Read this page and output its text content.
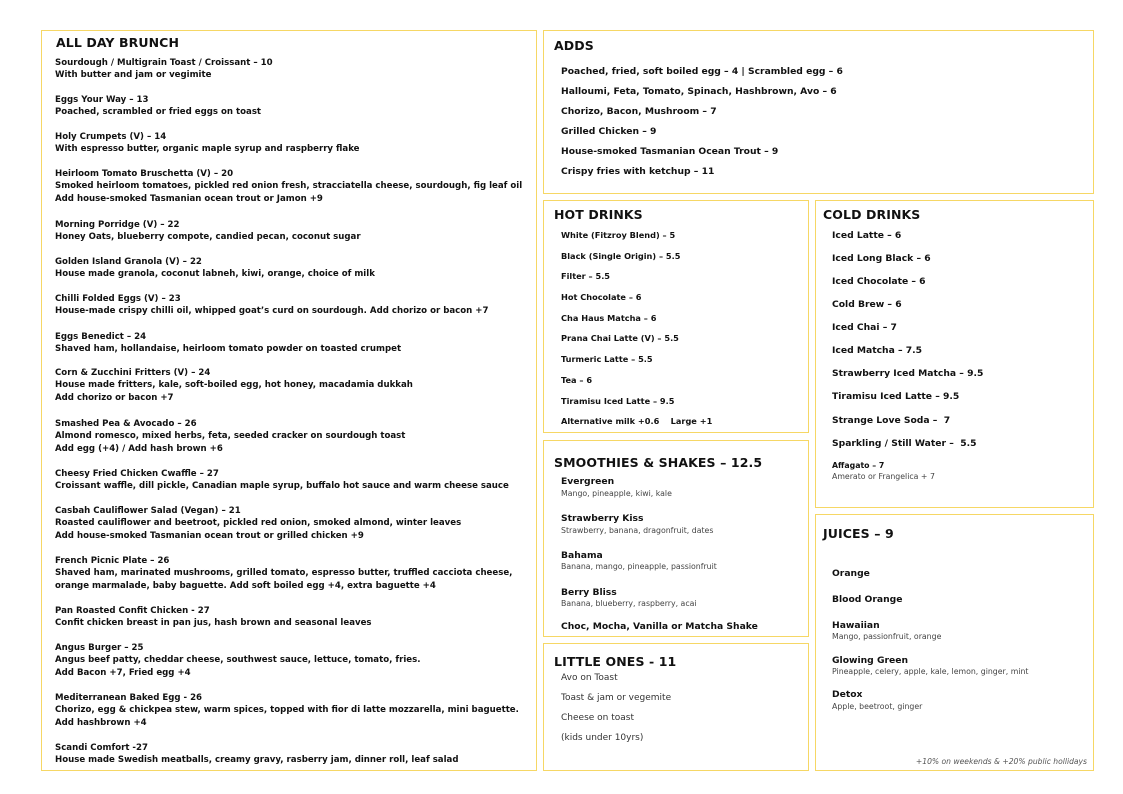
ALL DAY BRUNCH
Sourdough / Multigrain Toast / Croissant – 10
With butter and jam or vegimite
Eggs Your Way – 13
Poached, scrambled or fried eggs on toast
Holy Crumpets (V) – 14
With espresso butter, organic maple syrup and raspberry flake
Heirloom Tomato Bruschetta (V) – 20
Smoked heirloom tomatoes, pickled red onion fresh, stracciatella cheese, sourdough, fig leaf oil
Add house-smoked Tasmanian ocean trout or Jamon +9
Morning Porridge (V) – 22
Honey Oats, blueberry compote, candied pecan, coconut sugar
Golden Island Granola (V) – 22
House made granola, coconut labneh, kiwi, orange, choice of milk
Chilli Folded Eggs (V) – 23
House-made crispy chilli oil, whipped goat’s curd on sourdough. Add chorizo or bacon +7
Eggs Benedict – 24
Shaved ham, hollandaise, heirloom tomato powder on toasted crumpet
Corn & Zucchini Fritters (V) – 24
House made fritters, kale, soft-boiled egg, hot honey, macadamia dukkah
Add chorizo or bacon +7
Smashed Pea & Avocado – 26
Almond romesco, mixed herbs, feta, seeded cracker on sourdough toast
Add egg (+4) / Add hash brown +6
Cheesy Fried Chicken Cwaffle – 27
Croissant waffle, dill pickle, Canadian maple syrup, buffalo hot sauce and warm cheese sauce
Casbah Cauliflower Salad (Vegan) – 21
Roasted cauliflower and beetroot, pickled red onion, smoked almond, winter leaves
Add house-smoked Tasmanian ocean trout or grilled chicken +9
French Picnic Plate – 26
Shaved ham, marinated mushrooms, grilled tomato, espresso butter, truffled cacciota cheese,
orange marmalade, baby baguette. Add soft boiled egg +4, extra baguette +4
Pan Roasted Confit Chicken - 27
Confit chicken breast in pan jus, hash brown and seasonal leaves
Angus Burger – 25
Angus beef patty, cheddar cheese, southwest sauce, lettuce, tomato, fries.
Add Bacon +7, Fried egg +4
Mediterranean Baked Egg - 26
Chorizo, egg & chickpea stew, warm spices, topped with fior di latte mozzarella, mini baguette.
Add hashbrown +4
Scandi Comfort -27
House made Swedish meatballs, creamy gravy, rasberry jam, dinner roll, leaf salad
ADDS
Poached, fried, soft boiled egg – 4 | Scrambled egg – 6
Halloumi, Feta, Tomato, Spinach, Hashbrown, Avo – 6
Chorizo, Bacon, Mushroom – 7
Grilled Chicken – 9
House-smoked Tasmanian Ocean Trout – 9
Crispy fries with ketchup – 11
HOT DRINKS
White (Fitzroy Blend) – 5
Black (Single Origin) – 5.5
Filter – 5.5
Hot Chocolate – 6
Cha Haus Matcha – 6
Prana Chai Latte (V) – 5.5
Turmeric Latte – 5.5
Tea – 6
Tiramisu Iced Latte – 9.5
Alternative milk +0.6    Large +1
SMOOTHIES & SHAKES – 12.5
Evergreen
Mango, pineapple, kiwi, kale
Strawberry Kiss
Strawberry, banana, dragonfruit, dates
Bahama
Banana, mango, pineapple, passionfruit
Berry Bliss
Banana, blueberry, raspberry, acai
Choc, Mocha, Vanilla or Matcha Shake
LITTLE ONES - 11
Avo on Toast
Toast & jam or vegemite
Cheese on toast
(kids under 10yrs)
COLD DRINKS
Iced Latte – 6
Iced Long Black – 6
Iced Chocolate – 6
Cold Brew – 6
Iced Chai – 7
Iced Matcha – 7.5
Strawberry Iced Matcha – 9.5
Tiramisu Iced Latte – 9.5
Strange Love Soda –  7
Sparkling / Still Water –  5.5
Affagato – 7
Amerato or Frangelica + 7
JUICES – 9
Orange
Blood Orange
Hawaiian
Mango, passionfruit, orange
Glowing Green
Pineapple, celery, apple, kale, lemon, ginger, mint
Detox
Apple, beetroot, ginger
+10% on weekends & +20% public hollidays
